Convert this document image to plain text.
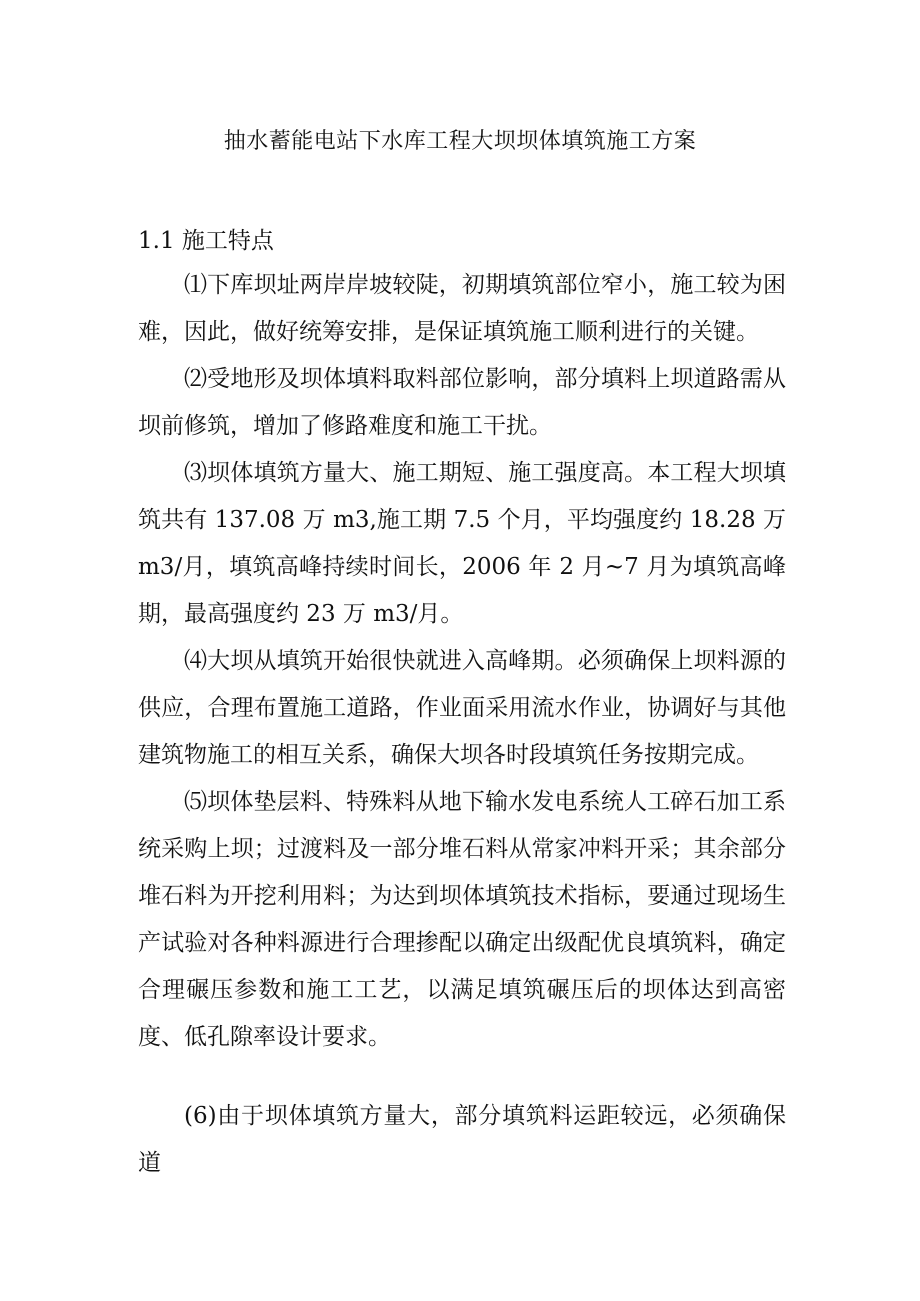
抽水蓄能电站下水库工程大坝坝体填筑施工方案
1.1 施工特点

⑴下库坝址两岸岸坡较陡，初期填筑部位窄小，施工较为困难，因此，做好统筹安排，是保证填筑施工顺利进行的关键。

⑵受地形及坝体填料取料部位影响，部分填料上坝道路需从坝前修筑，增加了修路难度和施工干扰。

⑶坝体填筑方量大、施工期短、施工强度高。本工程大坝填筑共有 137.08 万 m3,施工期 7.5 个月，平均强度约 18.28 万 m3/月，填筑高峰持续时间长，2006 年 2 月~7 月为填筑高峰期，最高强度约 23 万 m3/月。

⑷大坝从填筑开始很快就进入高峰期。必须确保上坝料源的供应，合理布置施工道路，作业面采用流水作业，协调好与其他建筑物施工的相互关系，确保大坝各时段填筑任务按期完成。

⑸坝体垫层料、特殊料从地下输水发电系统人工碎石加工系统采购上坝；过渡料及一部分堆石料从常家冲料开采；其余部分堆石料为开挖利用料；为达到坝体填筑技术指标，要通过现场生产试验对各种料源进行合理掺配以确定出级配优良填筑料，确定合理碾压参数和施工工艺，以满足填筑碾压后的坝体达到高密度、低孔隙率设计要求。

(6)由于坝体填筑方量大，部分填筑料运距较远，必须确保道
